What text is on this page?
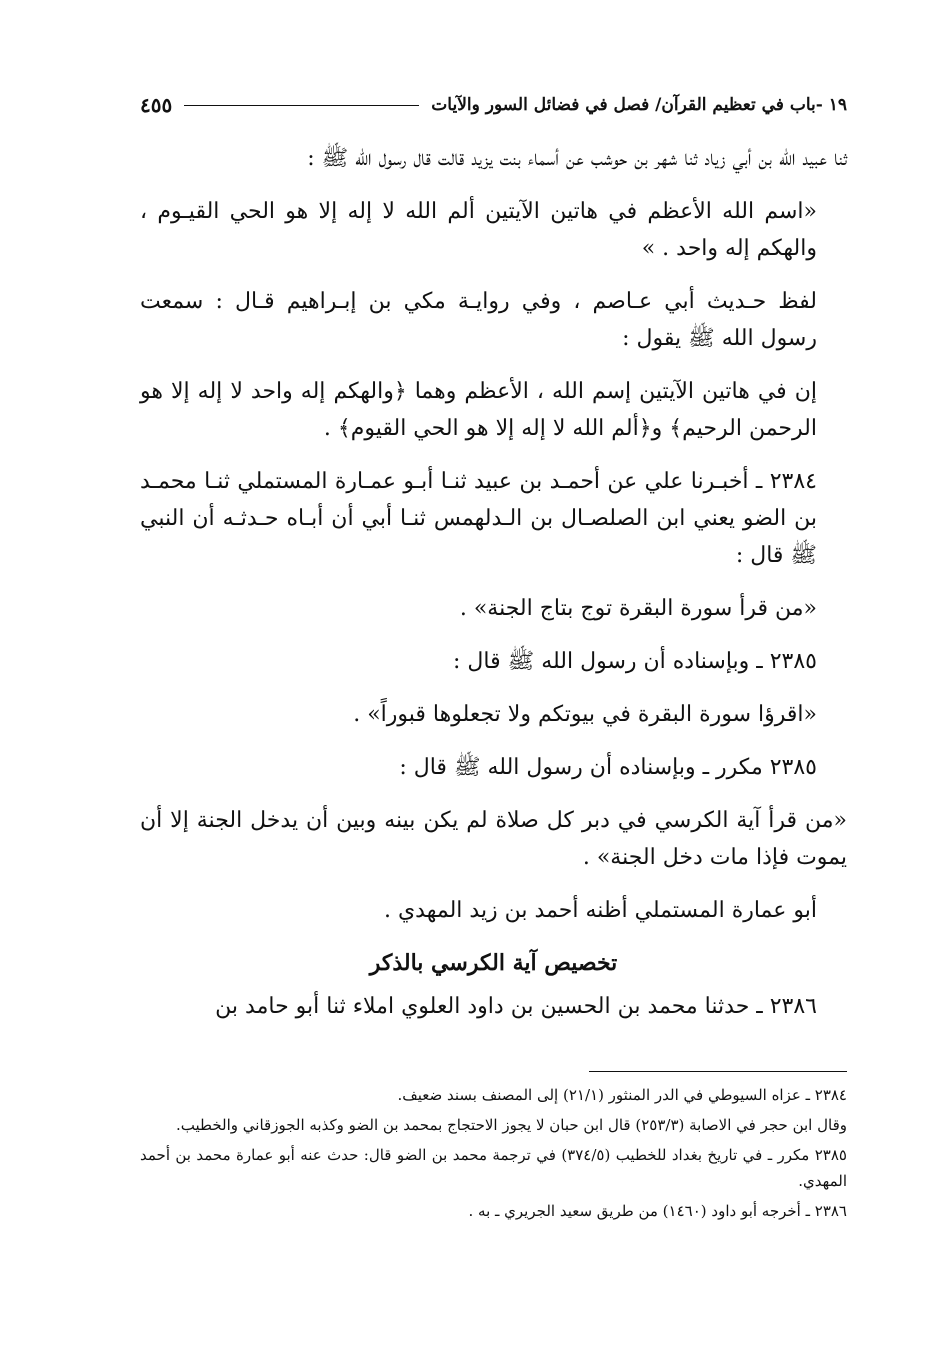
١٩ -باب في تعظيم القرآن/ فصل في فضائل السور والآيات
٤٥٥

ثنا عبيد الله بن أبي زياد ثنا شهر بن حوشب عن أسماء بنت يزيد قالت قال رسول الله ﷺ :

«اسم الله الأعظم في هاتين الآيتين ألم الله لا إله إلا هو الحي القيـوم ، والهكم إله واحد . »

لفظ حـديث أبي عـاصم ، وفي روايـة مكي بن إبـراهيم قـال : سمعت رسول الله ﷺ يقول :

إن في هاتين الآيتين إسم الله ، الأعظم وهما ﴿والهكم إله واحد لا إله إلا هو الرحمن الرحيم﴾ و﴿ألم الله لا إله إلا هو الحي القيوم﴾ .

٢٣٨٤ ـ أخبـرنا علي عن أحمـد بن عبيد ثنـا أبـو عمـارة المستملي ثنـا محمـد بن الضو يعني ابن الصلصـال بن الـدلهمس ثنـا أبي أن أبـاه حـدثـه أن النبي ﷺ قال :

«من قرأ سورة البقرة توج بتاج الجنة» .

٢٣٨٥ ـ وبإسناده أن رسول الله ﷺ قال :

«اقرؤا سورة البقرة في بيوتكم ولا تجعلوها قبوراً» .

٢٣٨٥ مكرر ـ وبإسناده أن رسول الله ﷺ قال :

«من قرأ آية الكرسي في دبر كل صلاة لم يكن بينه وبين أن يدخل الجنة إلا أن يموت فإذا مات دخل الجنة» .

أبو عمارة المستملي أظنه أحمد بن زيد المهدي .

تخصيص آية الكرسي بالذكر

٢٣٨٦ ـ حدثنا محمد بن الحسين بن داود العلوي املاء ثنا أبو حامد بن

٢٣٨٤ ـ عزاه السيوطي في الدر المنثور (٢١/١) إلى المصنف بسند ضعيف.

وقال ابن حجر في الاصابة (٢٥٣/٣) قال ابن حبان لا يجوز الاحتجاج بمحمد بن الضو وكذبه الجوزقاني والخطيب.

٢٣٨٥ مكرر ـ في تاريخ بغداد للخطيب (٣٧٤/٥) في ترجمة محمد بن الضو قال: حدث عنه أبو عمارة محمد بن أحمد المهدي.

٢٣٨٦ ـ أخرجه أبو داود (١٤٦٠) من طريق سعيد الجريري ـ به .
